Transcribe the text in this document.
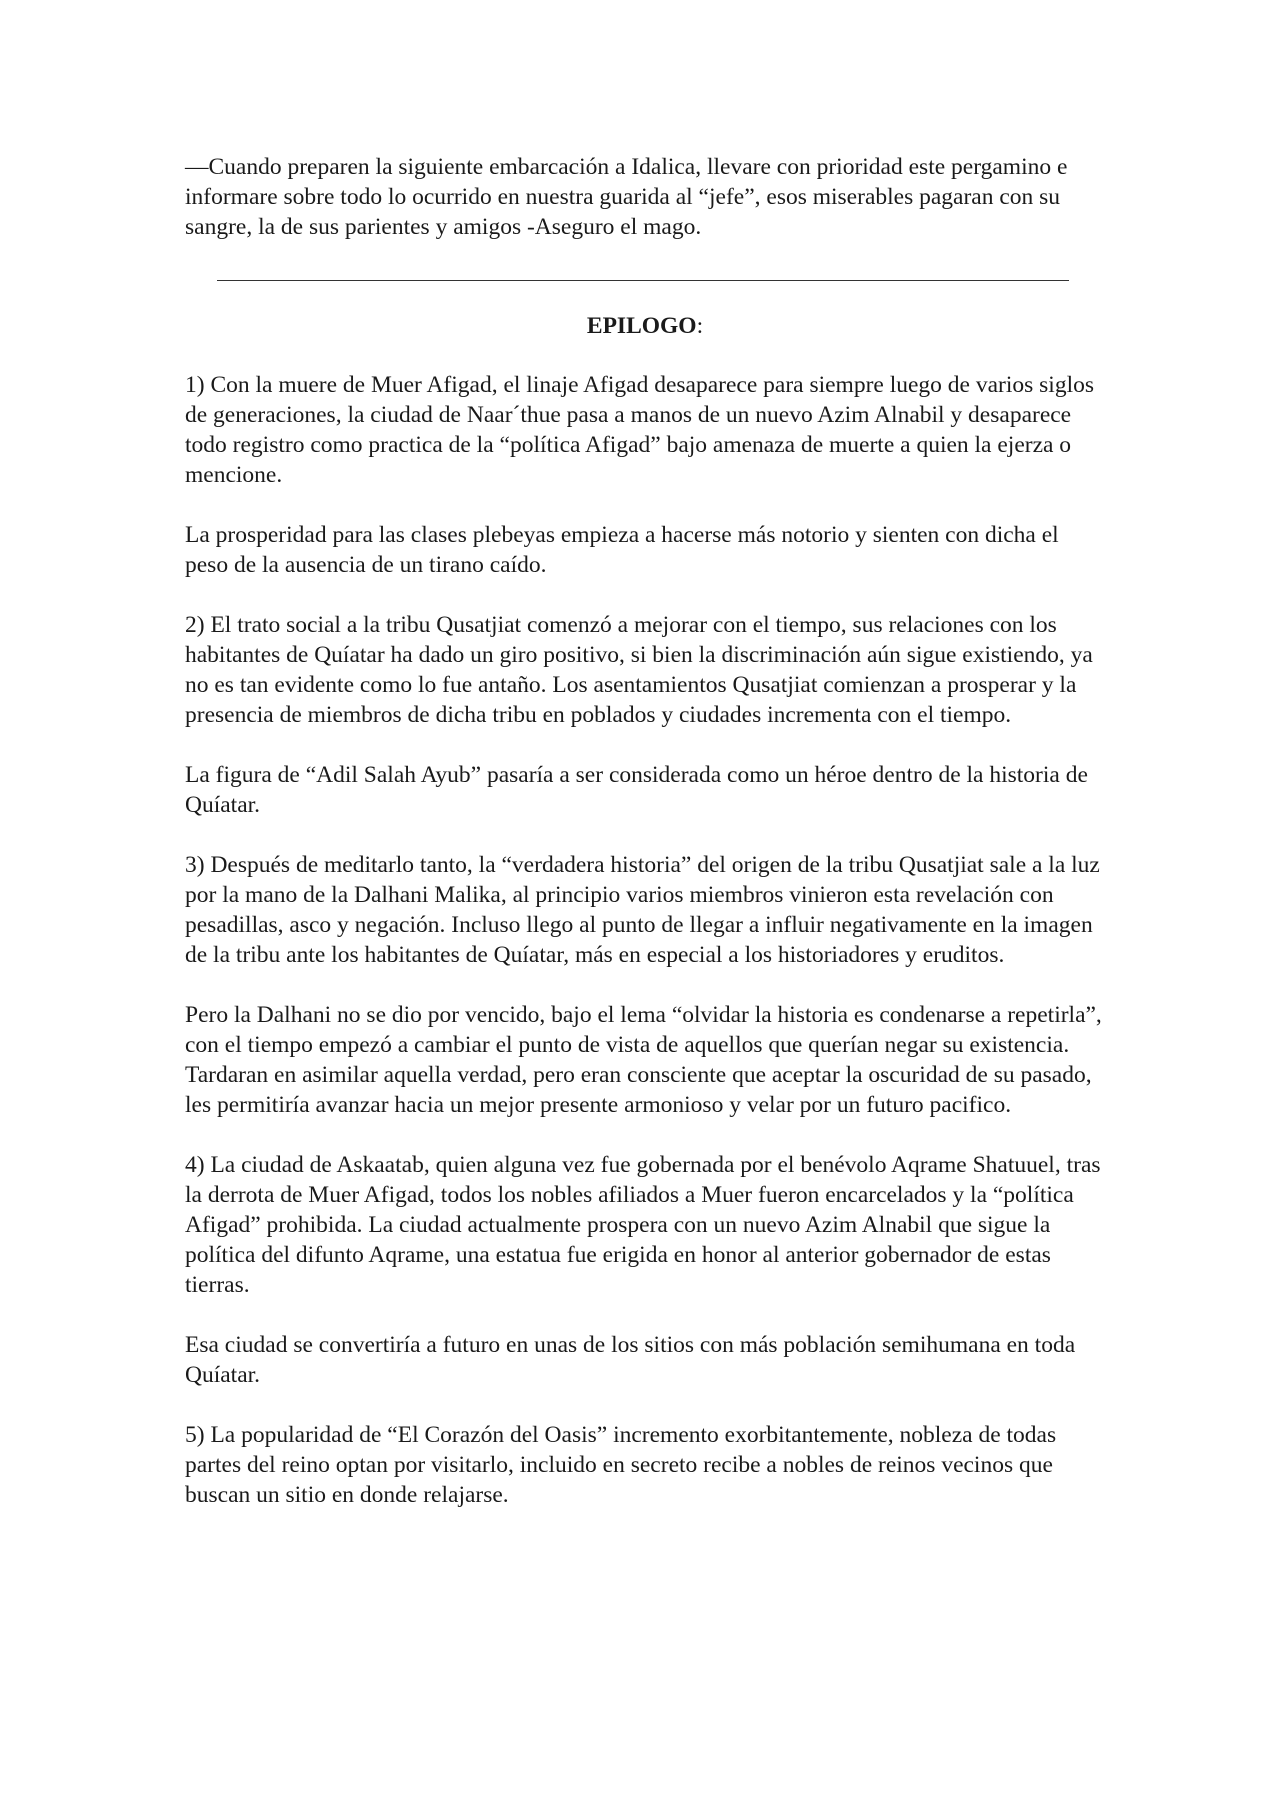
—Cuando preparen la siguiente embarcación a Idalica, llevare con prioridad este pergamino e informare sobre todo lo ocurrido en nuestra guarida al “jefe”, esos miserables pagaran con su sangre, la de sus parientes y amigos -Aseguro el mago.

EPILOGO:

1) Con la muere de Muer Afigad, el linaje Afigad desaparece para siempre luego de varios siglos de generaciones, la ciudad de Naar´thue pasa a manos de un nuevo Azim Alnabil y desaparece todo registro como practica de la “política Afigad” bajo amenaza de muerte a quien la ejerza o mencione.

La prosperidad para las clases plebeyas empieza a hacerse más notorio y sienten con dicha el peso de la ausencia de un tirano caído.

2) El trato social a la tribu Qusatjiat comenzó a mejorar con el tiempo, sus relaciones con los habitantes de Quíatar ha dado un giro positivo, si bien la discriminación aún sigue existiendo, ya no es tan evidente como lo fue antaño. Los asentamientos Qusatjiat comienzan a prosperar y la presencia de miembros de dicha tribu en poblados y ciudades incrementa con el tiempo.

La figura de “Adil Salah Ayub” pasaría a ser considerada como un héroe dentro de la historia de Quíatar.

3) Después de meditarlo tanto, la “verdadera historia” del origen de la tribu Qusatjiat sale a la luz por la mano de la Dalhani Malika, al principio varios miembros vinieron esta revelación con pesadillas, asco y negación. Incluso llego al punto de llegar a influir negativamente en la imagen de la tribu ante los habitantes de Quíatar, más en especial a los historiadores y eruditos.

Pero la Dalhani no se dio por vencido, bajo el lema “olvidar la historia es condenarse a repetirla”, con el tiempo empezó a cambiar el punto de vista de aquellos que querían negar su existencia. Tardaran en asimilar aquella verdad, pero eran consciente que aceptar la oscuridad de su pasado, les permitiría avanzar hacia un mejor presente armonioso y velar por un futuro pacifico.

4) La ciudad de Askaatab, quien alguna vez fue gobernada por el benévolo Aqrame Shatuuel, tras la derrota de Muer Afigad, todos los nobles afiliados a Muer fueron encarcelados y la “política Afigad” prohibida. La ciudad actualmente prospera con un nuevo Azim Alnabil que sigue la política del difunto Aqrame, una estatua fue erigida en honor al anterior gobernador de estas tierras.

Esa ciudad se convertiría a futuro en unas de los sitios con más población semihumana en toda Quíatar.

5) La popularidad de “El Corazón del Oasis” incremento exorbitantemente, nobleza de todas partes del reino optan por visitarlo, incluido en secreto recibe a nobles de reinos vecinos que buscan un sitio en donde relajarse.
